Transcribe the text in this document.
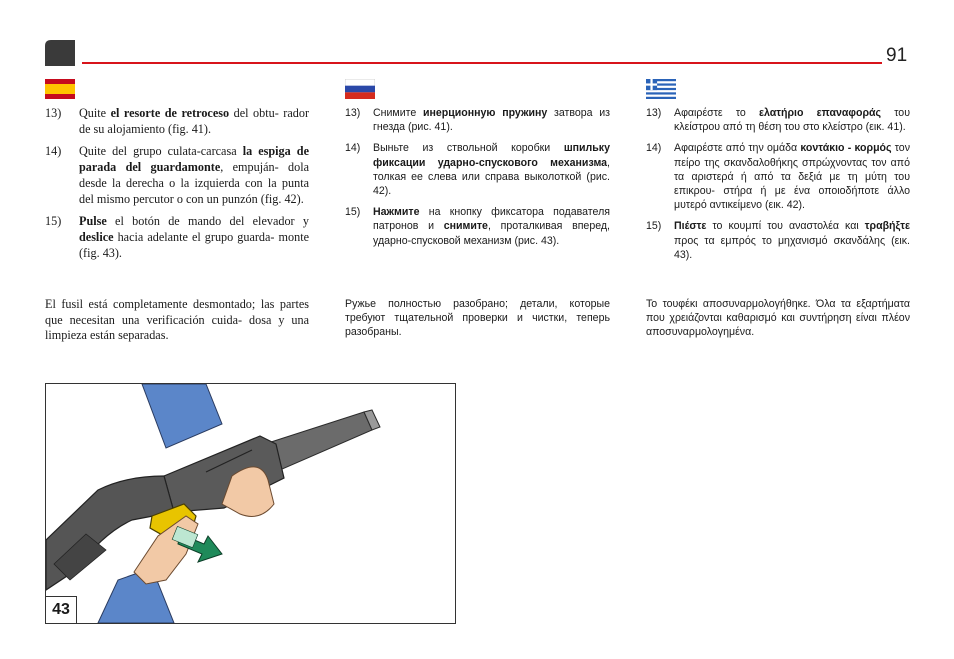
91
13)	Quite el resorte de retroceso del obtu- rador de su alojamiento (fig. 41).
14)	Quite del grupo culata-carcasa la espiga de parada del guardamonte, empuján- dola desde la derecha o la izquierda con la punta del mismo percutor o con un punzón (fig. 42).
15)	Pulse el botón de mando del elevador y deslice hacia adelante el grupo guarda- monte (fig. 43).
El fusil está completamente desmontado; las partes que necesitan una verificación cuida- dosa y una limpieza están separadas.
13)	Снимите инерционную пружину затвора из гнезда (рис. 41).
14)	Выньте из ствольной коробки шпильку фиксации ударно-спускового механизма, толкая ее слева или справа выколоткой (рис. 42).
15)	Нажмите на кнопку фиксатора подавателя патронов и снимите, проталкивая вперед, ударно-спусковой механизм (рис. 43).
Ружье полностью разобрано; детали, которые требуют тщательной проверки и чистки, теперь разобраны.
13)	Αφαιρέστε το ελατήριο επαναφοράς του κλείστρου από τη θέση του στο κλείστρο (εικ. 41).
14)	Αφαιρέστε από την ομάδα κοντάκιο - κορμός τον πείρο της σκανδαλοθήκης σπρώχνοντας τον από τα αριστερά ή από τα δεξιά με τη μύτη του επικρου- στήρα ή με ένα οποιοδήποτε άλλο μυτερό αντικείμενο (εικ. 42).
15)	Πιέστε το κουμπί του αναστολέα και τραβήξτε προς τα εμπρός το μηχανισμό σκανδάλης (εικ. 43).
Το τουφέκι αποσυναρμολογήθηκε. Όλα τα εξαρτήματα που χρειάζονται καθαρισμό και συντήρηση είναι πλέον αποσυναρμολογημένα.
43
